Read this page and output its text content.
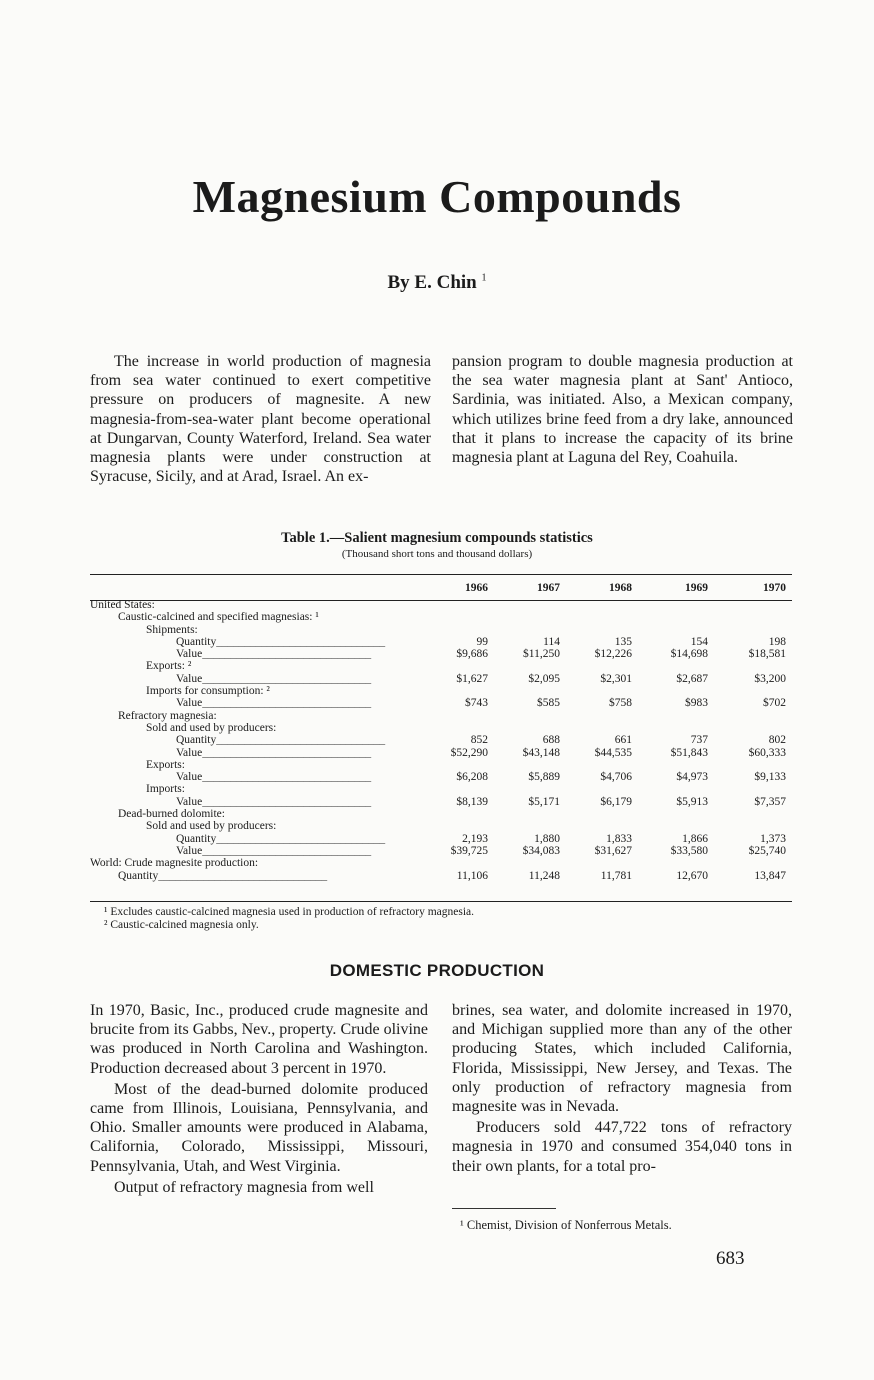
Magnesium Compounds
By E. Chin $^1$

The increase in world production of magnesia from sea water continued to exert competitive pressure on producers of magnesite. A new magnesia-from-sea-water plant become operational at Dungarvan, County Waterford, Ireland. Sea water magnesia plants were under construction at Syracuse, Sicily, and at Arad, Israel. An ex-

pansion program to double magnesia production at the sea water magnesia plant at Sant' Antioco, Sardinia, was initiated. Also, a Mexican company, which utilizes brine feed from a dry lake, announced that it plans to increase the capacity of its brine magnesia plant at Laguna del Rey, Coahuila.

Table 1.—Salient magnesium compounds statistics
(Thousand short tons and thousand dollars)
	1966	1967	1968	1969	1970
United States:					
Caustic-calcined and specified magnesias: ¹					
Shipments:					
Quantity _ _ _	99	114	135	154	198
Value _ _ _	$9,686	$11,250	$12,226	$14,698	$18,581
Exports: ²					
Value _ _ _	$1,627	$2,095	$2,301	$2,687	$3,200
Imports for consumption: ²					
Value _ _ _	$743	$585	$758	$983	$702
Refractory magnesia:					
Sold and used by producers:					
Quantity _ _ _	852	688	661	737	802
Value _ _ _	$52,290	$43,148	$44,535	$51,843	$60,333
Exports:					
Value _ _ _	$6,208	$5,889	$4,706	$4,973	$9,133
Imports:					
Value _ _ _	$8,139	$5,171	$6,179	$5,913	$7,357
Dead-burned dolomite:					
Sold and used by producers:					
Quantity _ _ _	2,193	1,880	1,833	1,866	1,373
Value _ _ _	$39,725	$34,083	$31,627	$33,580	$25,740
World: Crude magnesite production:					
Quantity _ _ _	11,106	11,248	11,781	12,670	13,847
¹ Excludes caustic-calcined magnesia used in production of refractory magnesia.
² Caustic-calcined magnesia only.
DOMESTIC PRODUCTION

In 1970, Basic, Inc., produced crude magnesite and brucite from its Gabbs, Nev., property. Crude olivine was produced in North Carolina and Washington. Production decreased about 3 percent in 1970.

Most of the dead-burned dolomite produced came from Illinois, Louisiana, Pennsylvania, and Ohio. Smaller amounts were produced in Alabama, California, Colorado, Mississippi, Missouri, Pennsylvania, Utah, and West Virginia.

Output of refractory magnesia from well

brines, sea water, and dolomite increased in 1970, and Michigan supplied more than any of the other producing States, which included California, Florida, Mississippi, New Jersey, and Texas. The only production of refractory magnesia from magnesite was in Nevada.

Producers sold 447,722 tons of refractory magnesia in 1970 and consumed 354,040 tons in their own plants, for a total pro-

¹ Chemist, Division of Nonferrous Metals.
683
